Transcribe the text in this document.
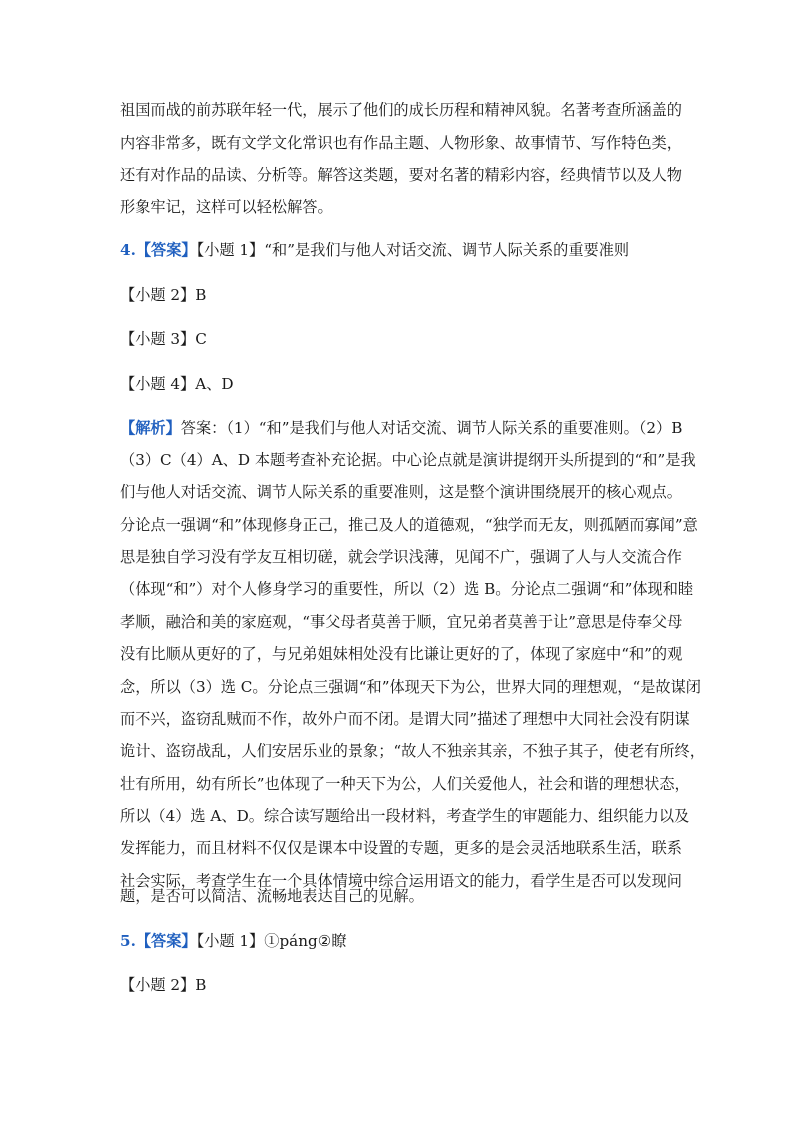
祖国而战的前苏联年轻一代，展示了他们的成长历程和精神风貌。名著考查所涵盖的
内容非常多，既有文学文化常识也有作品主题、人物形象、故事情节、写作特色类，
还有对作品的品读、分析等。解答这类题，要对名著的精彩内容，经典情节以及人物
形象牢记，这样可以轻松解答。
4.【答案】【小题 1】“和”是我们与他人对话交流、调节人际关系的重要准则
【小题 2】B
【小题 3】C
【小题 4】A、D
【解析】答案：（1）“和”是我们与他人对话交流、调节人际关系的重要准则。（2）B
（3）C（4）A、D 本题考查补充论据。中心论点就是演讲提纲开头所提到的“和”是我
们与他人对话交流、调节人际关系的重要准则，这是整个演讲围绕展开的核心观点。
分论点一强调“和”体现修身正己，推己及人的道德观，“独学而无友，则孤陋而寡闻”意
思是独自学习没有学友互相切磋，就会学识浅薄，见闻不广，强调了人与人交流合作
（体现“和”）对个人修身学习的重要性，所以（2）选 B。分论点二强调“和”体现和睦
孝顺，融洽和美的家庭观，“事父母者莫善于顺，宜兄弟者莫善于让”意思是侍奉父母
没有比顺从更好的了，与兄弟姐妹相处没有比谦让更好的了，体现了家庭中“和”的观
念，所以（3）选 C。分论点三强调“和”体现天下为公，世界大同的理想观，“是故谋闭
而不兴，盗窃乱贼而不作，故外户而不闭。是谓大同”描述了理想中大同社会没有阴谋
诡计、盗窃战乱，人们安居乐业的景象；“故人不独亲其亲，不独子其子，使老有所终，
壮有所用，幼有所长”也体现了一种天下为公，人们关爱他人，社会和谐的理想状态，
所以（4）选 A、D。综合读写题给出一段材料，考查学生的审题能力、组织能力以及
发挥能力，而且材料不仅仅是课本中设置的专题，更多的是会灵活地联系生活，联系
社会实际，考查学生在一个具体情境中综合运用语文的能力，看学生是否可以发现问
题，是否可以简洁、流畅地表达自己的见解。
5.【答案】【小题 1】①páng②瞭
【小题 2】B
